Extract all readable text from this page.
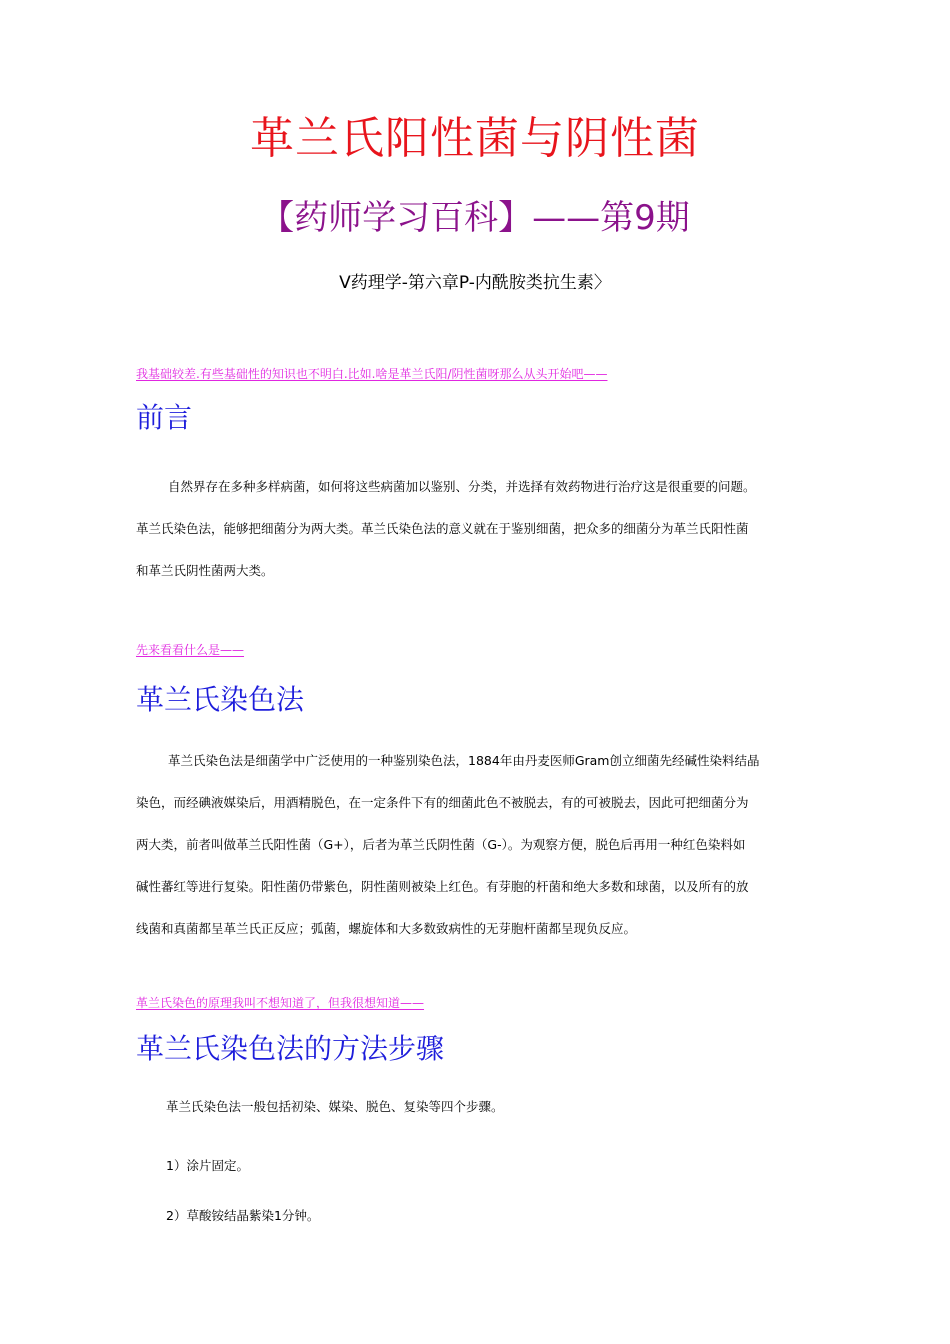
革兰氏阳性菌与阴性菌
【药师学习百科】——第9期
V药理学-第六章P-内酰胺类抗生素〉
我基础较差.有些基础性的知识也不明白.比如.啥是革兰氏阳/阴性菌呀那么从头开始吧——
前言

自然界存在多种多样病菌，如何将这些病菌加以鉴别、分类，并选择有效药物进行治疗这是很重要的问题。

革兰氏染色法，能够把细菌分为两大类。革兰氏染色法的意义就在于鉴别细菌，把众多的细菌分为革兰氏阳性菌

和革兰氏阴性菌两大类。

先来看看什么是——
革兰氏染色法

革兰氏染色法是细菌学中广泛使用的一种鉴别染色法，1884年由丹麦医师Gram创立细菌先经碱性染料结晶

染色，而经碘液媒染后，用酒精脱色，在一定条件下有的细菌此色不被脱去，有的可被脱去，因此可把细菌分为

两大类，前者叫做革兰氏阳性菌（G+），后者为革兰氏阴性菌（G-）。为观察方便，脱色后再用一种红色染料如

碱性蕃红等进行复染。阳性菌仍带紫色，阴性菌则被染上红色。有芽胞的杆菌和绝大多数和球菌，以及所有的放

线菌和真菌都呈革兰氏正反应；弧菌，螺旋体和大多数致病性的无芽胞杆菌都呈现负反应。

革兰氏染色的原理我叫不想知道了，但我很想知道——
革兰氏染色法的方法步骤
革兰氏染色法一般包括初染、媒染、脱色、复染等四个步骤。
1）涂片固定。
2）草酸铵结晶紫染1分钟。
